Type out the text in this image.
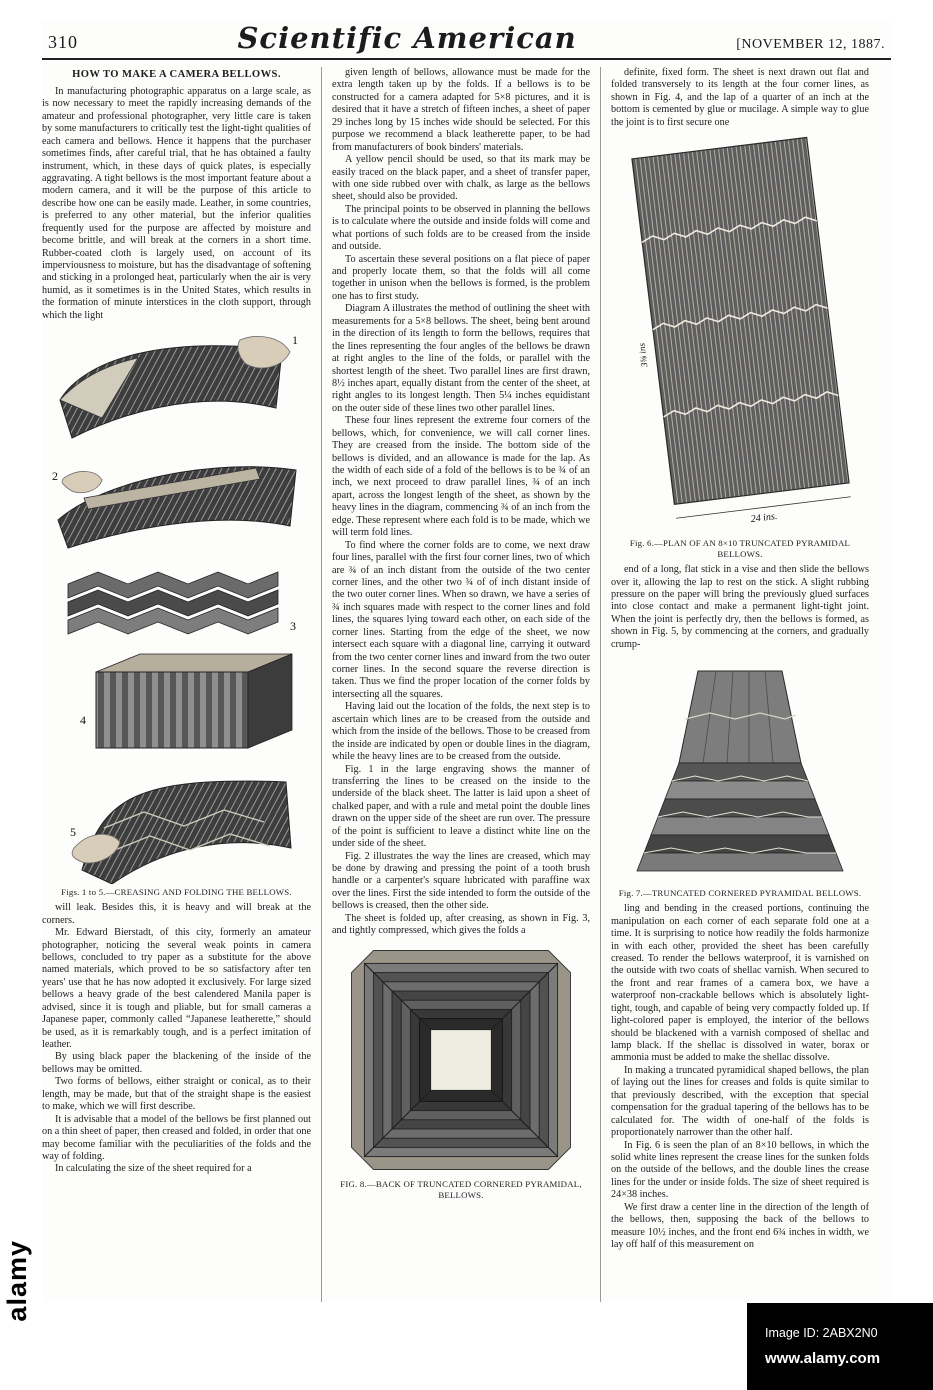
310	Scientific American	[NOVEMBER 12, 1887.
HOW TO MAKE A CAMERA BELLOWS.

In manufacturing photographic apparatus on a large scale, as is now necessary to meet the rapidly increasing demands of the amateur and professional photographer, very little care is taken by some manufacturers to critically test the light-tight qualities of each camera and bellows. Hence it happens that the purchaser sometimes finds, after careful trial, that he has obtained a faulty instrument, which, in these days of quick plates, is especially aggravating. A tight bellows is the most important feature about a modern camera, and it will be the purpose of this article to describe how one can be easily made. Leather, in some countries, is preferred to any other material, but the inferior qualities frequently used for the purpose are affected by moisture and become brittle, and will break at the corners in a short time. Rubber-coated cloth is largely used, on account of its imperviousness to moisture, but has the disadvantage of softening and sticking in a prolonged heat, particularly when the air is very humid, as it sometimes is in the United States, which results in the formation of minute interstices in the cloth support, through which the light

1
2
3
4
5
Figs. 1 to 5.—CREASING AND FOLDING THE BELLOWS.

will leak. Besides this, it is heavy and will break at the corners.

Mr. Edward Bierstadt, of this city, formerly an amateur photographer, noticing the several weak points in camera bellows, concluded to try paper as a substitute for the above named materials, which proved to be so satisfactory after ten years' use that he has now adopted it exclusively. For large sized bellows a heavy grade of the best calendered Manila paper is advised, since it is tough and pliable, but for small cameras a Japanese paper, commonly called “Japanese leatherette,” should be used, as it is remarkably tough, and is a perfect imitation of leather.

By using black paper the blackening of the inside of the bellows may be omitted.

Two forms of bellows, either straight or conical, as to their length, may be made, but that of the straight shape is the easiest to make, which we will first describe.

It is advisable that a model of the bellows be first planned out on a thin sheet of paper, then creased and folded, in order that one may become familiar with the peculiarities of the folds and the way of folding.

In calculating the size of the sheet required for a

given length of bellows, allowance must be made for the extra length taken up by the folds. If a bellows is to be constructed for a camera adapted for 5×8 pictures, and it is desired that it have a stretch of fifteen inches, a sheet of paper 29 inches long by 15 inches wide should be selected. For this purpose we recommend a black leatherette paper, to be had from manufacturers of book binders' materials.

A yellow pencil should be used, so that its mark may be easily traced on the black paper, and a sheet of transfer paper, with one side rubbed over with chalk, as large as the bellows sheet, should also be provided.

The principal points to be observed in planning the bellows is to calculate where the outside and inside folds will come and what portions of such folds are to be creased from the inside and outside.

To ascertain these several positions on a flat piece of paper and properly locate them, so that the folds will all come together in unison when the bellows is formed, is the problem one has to first study.

Diagram A illustrates the method of outlining the sheet with measurements for a 5×8 bellows. The sheet, being bent around in the direction of its length to form the bellows, requires that the lines representing the four angles of the bellows be drawn at right angles to the line of the folds, or parallel with the shortest length of the sheet. Two parallel lines are first drawn, 8½ inches apart, equally distant from the center of the sheet, at right angles to its longest length. Then 5¼ inches equidistant on the outer side of these lines two other parallel lines.

These four lines represent the extreme four corners of the bellows, which, for convenience, we will call corner lines. They are creased from the inside. The bottom side of the bellows is divided, and an allowance is made for the lap. As the width of each side of a fold of the bellows is to be ¾ of an inch, we next proceed to draw parallel lines, ¾ of an inch apart, across the longest length of the sheet, as shown by the heavy lines in the diagram, commencing ¾ of an inch from the edge. These represent where each fold is to be made, which we will term fold lines.

To find where the corner folds are to come, we next draw four lines, parallel with the first four corner lines, two of which are ¾ of an inch distant from the outside of the two center corner lines, and the other two ¾ of of inch distant inside of the two outer corner lines. When so drawn, we have a series of ¾ inch squares made with respect to the corner lines and fold lines, the squares lying toward each other, on each side of the corner lines. Starting from the edge of the sheet, we now intersect each square with a diagonal line, carrying it outward from the two center corner lines and inward from the two outer corner lines. In the second square the reverse direction is taken. Thus we find the proper location of the corner folds by intersecting all the squares.

Having laid out the location of the folds, the next step is to ascertain which lines are to be creased from the outside and which from the inside of the bellows. Those to be creased from the inside are indicated by open or double lines in the diagram, while the heavy lines are to be creased from the outside.

Fig. 1 in the large engraving shows the manner of transferring the lines to be creased on the inside to the underside of the black sheet. The latter is laid upon a sheet of chalked paper, and with a rule and metal point the double lines drawn on the upper side of the sheet are run over. The pressure of the point is sufficient to leave a distinct white line on the under side of the sheet.

Fig. 2 illustrates the way the lines are creased, which may be done by drawing and pressing the point of a tooth brush handle or a carpenter's square lubricated with paraffine wax over the lines. First the side intended to form the outside of the bellows is creased, then the other side.

The sheet is folded up, after creasing, as shown in Fig. 3, and tightly compressed, which gives the folds a

FIG. 8.—BACK OF TRUNCATED CORNERED PYRAMIDAL,
BELLOWS.

definite, fixed form. The sheet is next drawn out flat and folded transversely to its length at the four corner lines, as shown in Fig. 4, and the lap of a quarter of an inch at the bottom is cemented by glue or mucilage. A simple way to glue the joint is to first secure one

24 ins.
3⅝ ins
Fig. 6.—PLAN OF AN 8×10 TRUNCATED PYRAMIDAL
BELLOWS.

end of a long, flat stick in a vise and then slide the bellows over it, allowing the lap to rest on the stick. A slight rubbing pressure on the paper will bring the previously glued surfaces into close contact and make a permanent light-tight joint. When the joint is perfectly dry, then the bellows is formed, as shown in Fig. 5, by commencing at the corners, and gradually crump-

Fig. 7.—TRUNCATED CORNERED PYRAMIDAL BELLOWS.

ling and bending in the creased portions, continuing the manipulation on each corner of each separate fold one at a time. It is surprising to notice how readily the folds harmonize in with each other, provided the sheet has been carefully creased. To render the bellows waterproof, it is varnished on the outside with two coats of shellac varnish. When secured to the front and rear frames of a camera box, we have a waterproof non-crackable bellows which is absolutely light-tight, tough, and capable of being very compactly folded up. If light-colored paper is employed, the interior of the bellows should be blackened with a varnish composed of shellac and lamp black. If the shellac is dissolved in water, borax or ammonia must be added to make the shellac dissolve.

In making a truncated pyramidical shaped bellows, the plan of laying out the lines for creases and folds is quite similar to that previously described, with the exception that special compensation for the gradual tapering of the bellows has to be calculated for. The width of one-half of the folds is proportionately narrower than the other half.

In Fig. 6 is seen the plan of an 8×10 bellows, in which the solid white lines represent the crease lines for the sunken folds on the outside of the bellows, and the double lines the crease lines for the under or inside folds. The size of sheet required is 24×38 inches.

We first draw a center line in the direction of the length of the bellows, then, supposing the back of the bellows to measure 10½ inches, and the front end 6¾ inches in width, we lay off half of this measurement on

alamy
Image ID: 2ABX2N0
www.alamy.com
